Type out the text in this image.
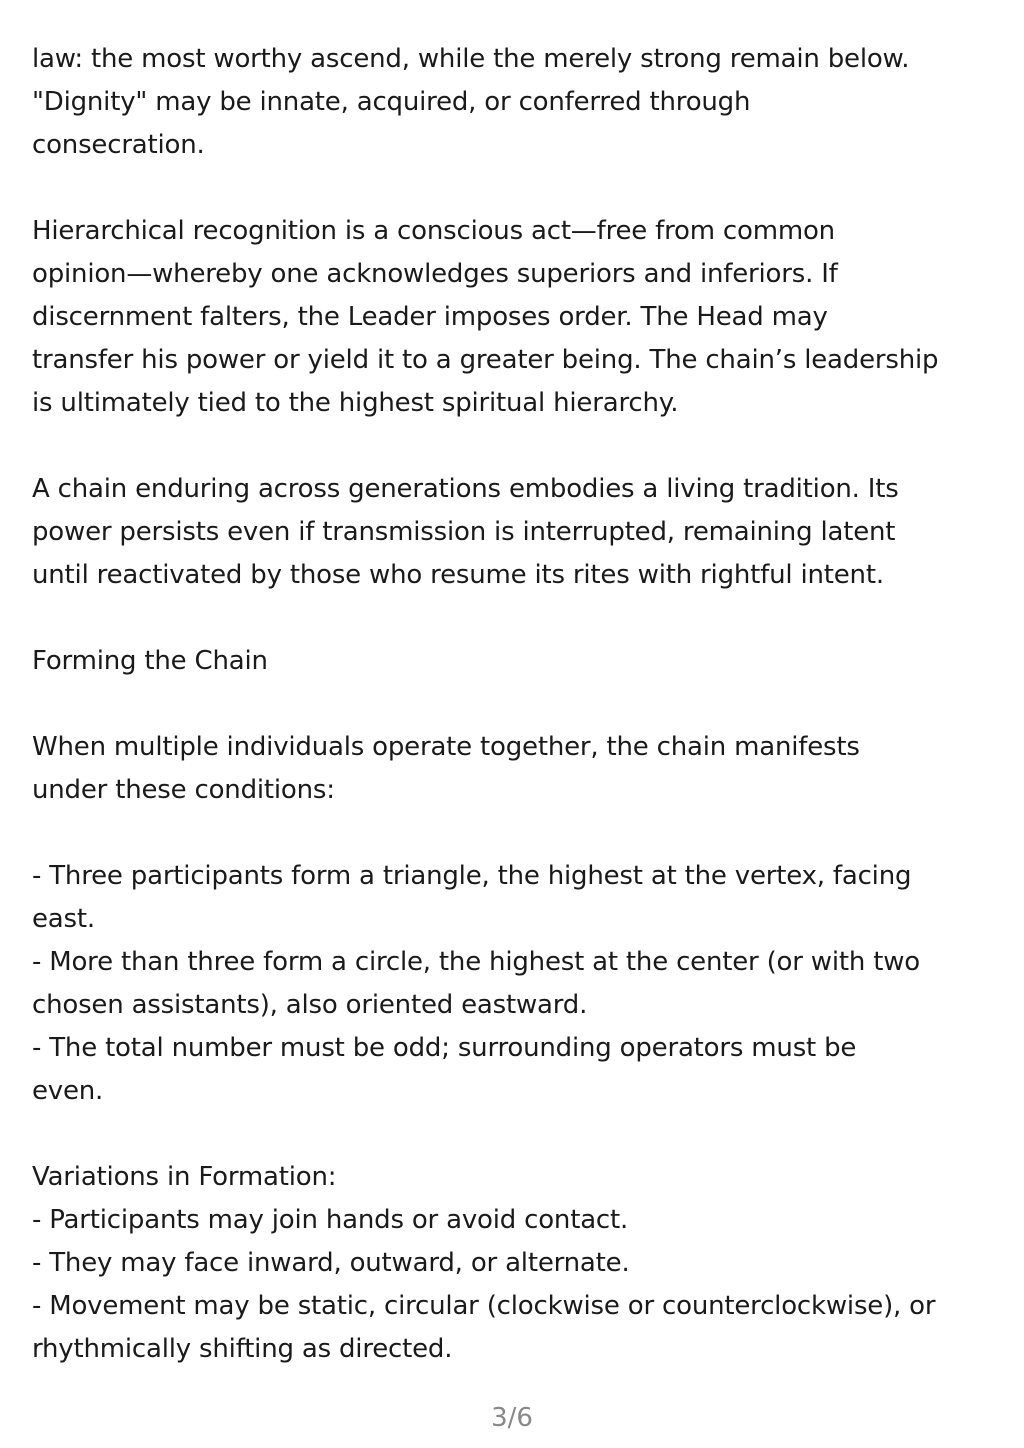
law: the most worthy ascend, while the merely strong remain below.
"Dignity" may be innate, acquired, or conferred through
consecration.
Hierarchical recognition is a conscious act—free from common
opinion—whereby one acknowledges superiors and inferiors. If
discernment falters, the Leader imposes order. The Head may
transfer his power or yield it to a greater being. The chain’s leadership
is ultimately tied to the highest spiritual hierarchy.
A chain enduring across generations embodies a living tradition. Its
power persists even if transmission is interrupted, remaining latent
until reactivated by those who resume its rites with rightful intent.
Forming the Chain
When multiple individuals operate together, the chain manifests
under these conditions:
- Three participants form a triangle, the highest at the vertex, facing
east.
- More than three form a circle, the highest at the center (or with two
chosen assistants), also oriented eastward.
- The total number must be odd; surrounding operators must be
even.
Variations in Formation:
- Participants may join hands or avoid contact.
- They may face inward, outward, or alternate.
- Movement may be static, circular (clockwise or counterclockwise), or
rhythmically shifting as directed.
3/6
